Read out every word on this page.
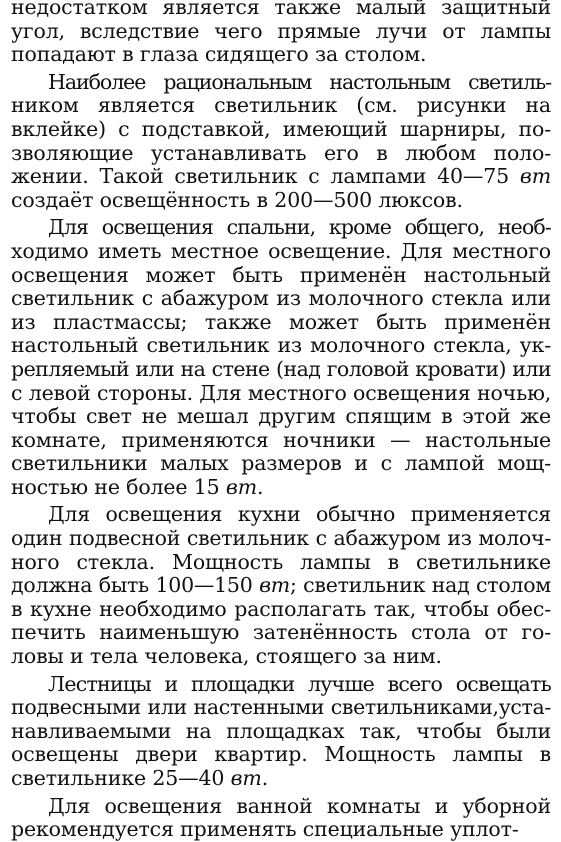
недостатком является также малый защитный
угол, вследствие чего прямые лучи от лампы
попадают в глаза сидящего за столом.
Наиболее рациональным настольным светиль-
ником является светильник (см. рисунки на
вклейке) с подставкой, имеющий шарниры, по-
зволяющие устанавливать его в любом поло-
жении. Такой светильник с лампами 40—75 вт
создаёт освещённость в 200—500 люксов.
Для освещения спальни, кроме общего, необ-
ходимо иметь местное освещение. Для местного
освещения может быть применён настольный
светильник с абажуром из молочного стекла или
из пластмассы; также может быть применён
настольный светильник из молочного стекла, ук-
репляемый или на стене (над головой кровати) или
с левой стороны. Для местного освещения ночью,
чтобы свет не мешал другим спящим в этой же
комнате, применяются ночники — настольные
светильники малых размеров и с лампой мощ-
ностью не более 15 вт.
Для освещения кухни обычно применяется
один подвесной светильник с абажуром из молоч-
ного стекла. Мощность лампы в светильнике
должна быть 100—150 вт; светильник над столом
в кухне необходимо располагать так, чтобы обес-
печить наименьшую затенённость стола от го-
ловы и тела человека, стоящего за ним.
Лестницы и площадки лучше всего освещать
подвесными или настенными светильниками,уста-
навливаемыми на площадках так, чтобы были
освещены двери квартир. Мощность лампы в
светильнике 25—40 вт.
Для освещения ванной комнаты и уборной
рекомендуется применять специальные уплот-
